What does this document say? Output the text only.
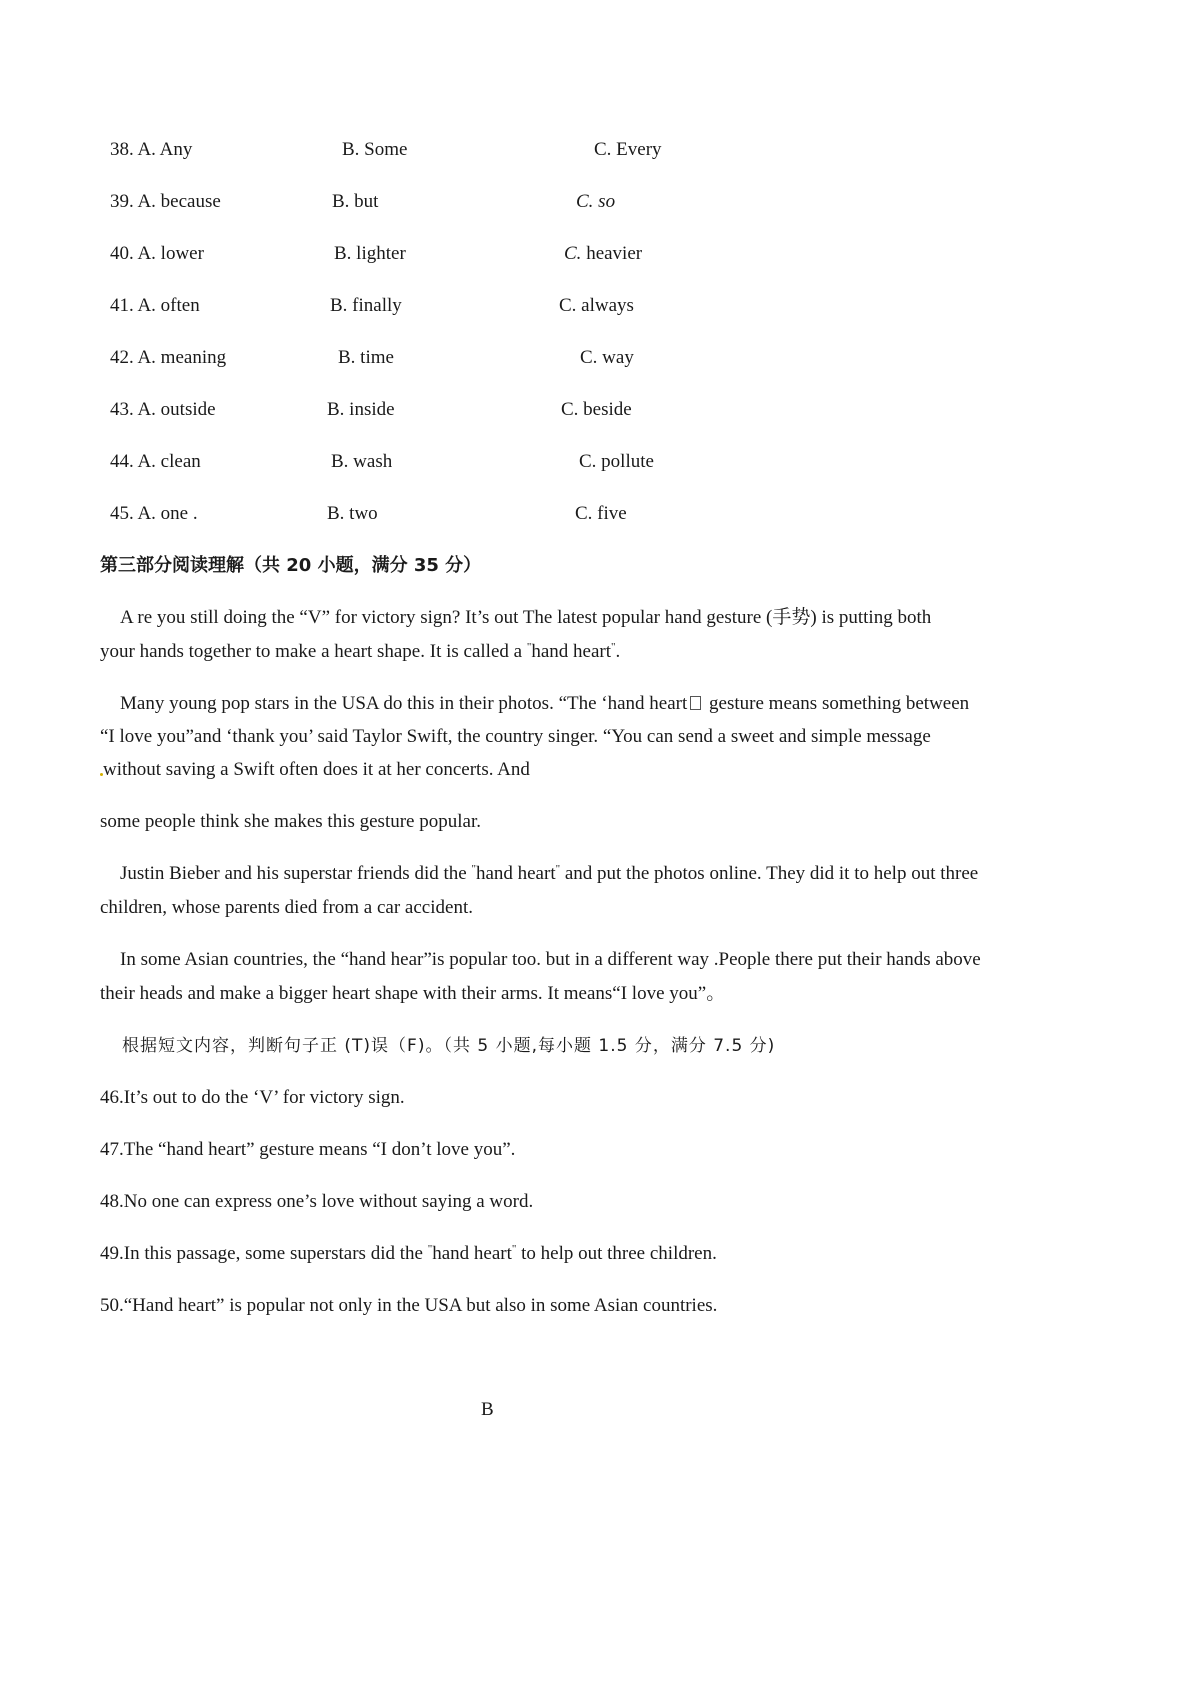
38. A. Any	B. Some	C. Every
39. A. because	B. but	C. so
40. A. lower	B. lighter	C. heavier
41. A. often	B. finally	C. always
42. A. meaning	B. time	C. way
43. A. outside	B. inside	C. beside
44. A. clean	B. wash	C. pollute
45. A. one .	B. two	C. five
第三部分阅读理解（共 20 小题，满分 35 分）
A re you still doing the “V” for victory sign? It’s out The latest popular hand gesture (手势) is putting both
your hands together to make a heart shape. It is called a "hand heart".
Many young pop stars in the USA do this in their photos. “The ‘hand heart gesture means something between
“I love you”and ‘thank you’ said Taylor Swift, the country singer. “You can send a sweet and simple message
without saving a Swift often does it at her concerts. And
some people think she makes this gesture popular.
Justin Bieber and his superstar friends did the "hand heart" and put the photos online. They did it to help out three
children, whose parents died from a car accident.
In some Asian countries, the “hand hear”is popular too. but in a different way .People there put their hands above
their heads and make a bigger heart shape with their arms. It means“I love you”。
根据短文内容，判断句子正 (T)误（F)。（共 5 小题,每小题 1.5 分，满分 7.5 分)
46.It’s out to do the ‘V’ for victory sign.
47.The “hand heart” gesture means “I don’t love you”.
48.No one can express one’s love without saying a word.
49.In this passage, some superstars did the "hand heart" to help out three children.
50.“Hand heart” is popular not only in the USA but also in some Asian countries.
B
